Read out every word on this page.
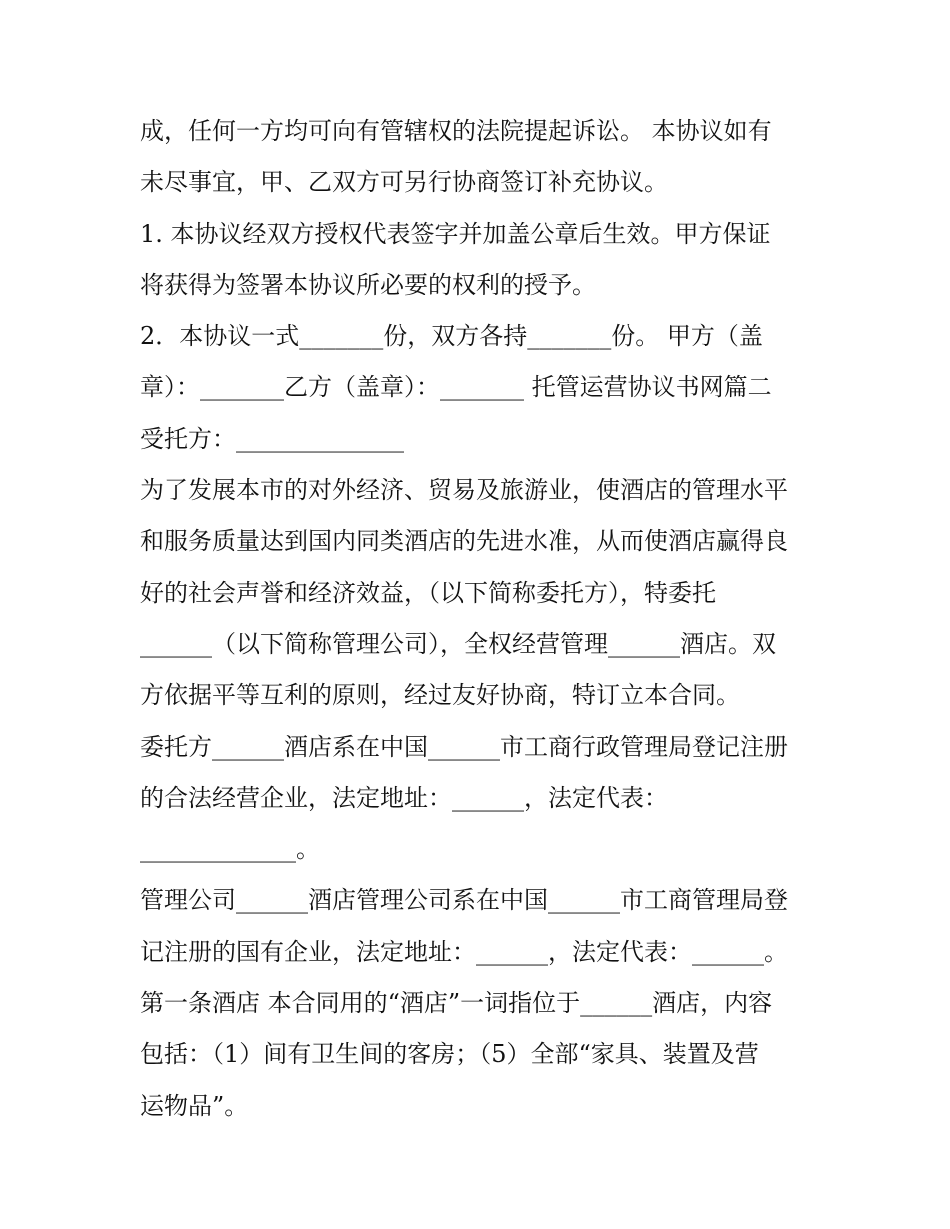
成，任何一方均可向有管辖权的法院提起诉讼。 本协议如有
未尽事宜，甲、乙双方可另行协商签订补充协议。
1. 本协议经双方授权代表签字并加盖公章后生效。甲方保证
将获得为签署本协议所必要的权利的授予。
2．本协议一式_______份，双方各持_______份。 甲方（盖
章）：_______乙方（盖章）：_______ 托管运营协议书网篇二
受托方：______________
为了发展本市的对外经济、贸易及旅游业，使酒店的管理水平
和服务质量达到国内同类酒店的先进水准，从而使酒店赢得良
好的社会声誉和经济效益，（以下简称委托方），特委托
______（以下简称管理公司），全权经营管理______酒店。双
方依据平等互利的原则，经过友好协商，特订立本合同。
委托方______酒店系在中国______市工商行政管理局登记注册
的合法经营企业，法定地址：______，法定代表：
_____________。
管理公司______酒店管理公司系在中国______市工商管理局登
记注册的国有企业，法定地址：______，法定代表：______。
第一条酒店 本合同用的“酒店”一词指位于______酒店，内容
包括：（1）间有卫生间的客房；（5）全部“家具、装置及营
运物品”。
